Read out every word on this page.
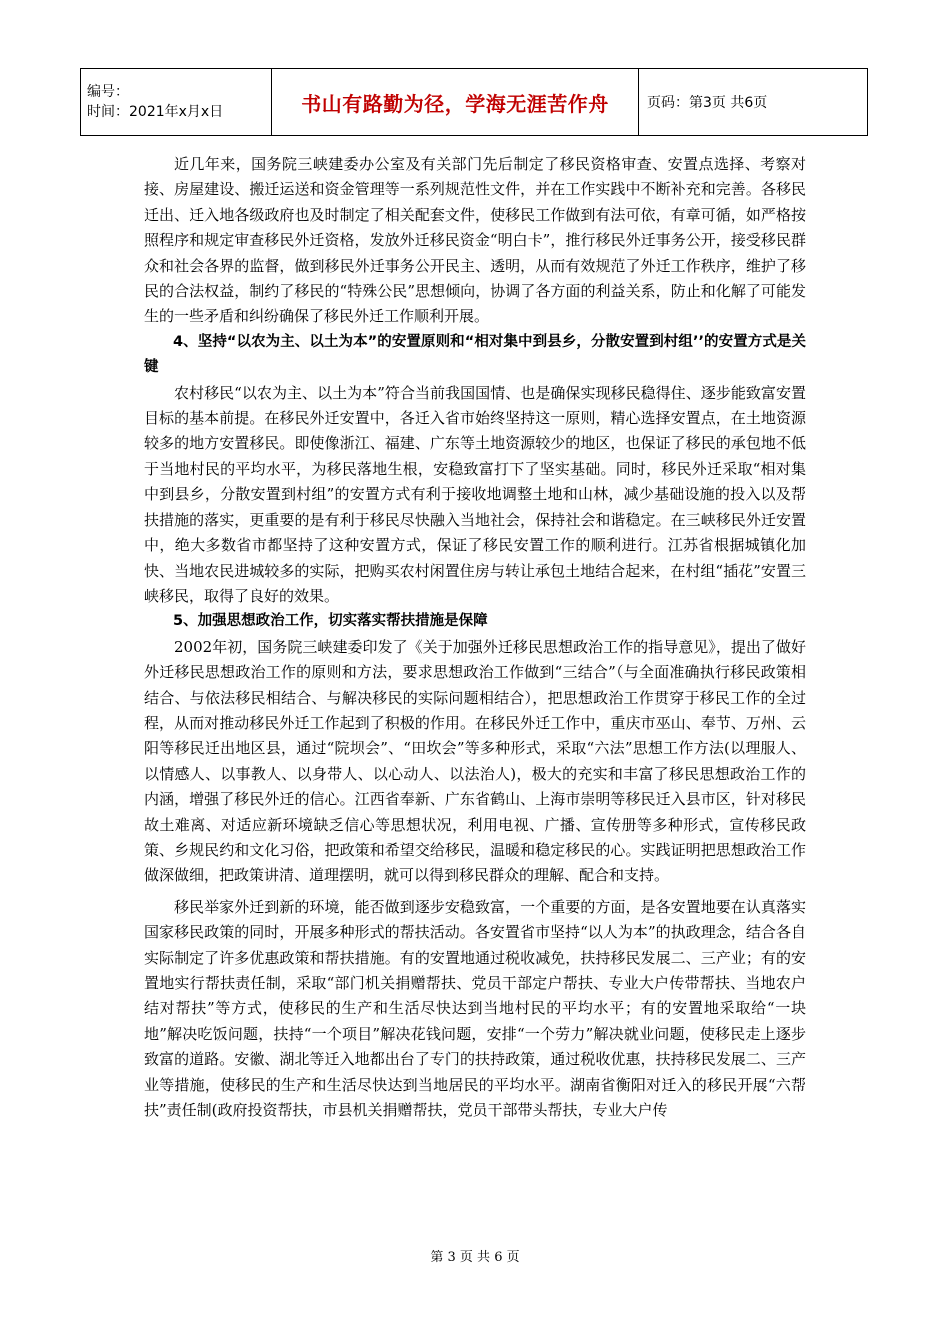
编号：
时间：2021年x月x日	书山有路勤为径，学海无涯苦作舟	页码：第3页 共6页

近几年来，国务院三峡建委办公室及有关部门先后制定了移民资格审查、安置点选择、考察对接、房屋建设、搬迁运送和资金管理等一系列规范性文件，并在工作实践中不断补充和完善。各移民迁出、迁入地各级政府也及时制定了相关配套文件，使移民工作做到有法可依，有章可循，如严格按照程序和规定审查移民外迁资格，发放外迁移民资金“明白卡”，推行移民外迁事务公开，接受移民群众和社会各界的监督，做到移民外迁事务公开民主、透明，从而有效规范了外迁工作秩序，维护了移民的合法权益，制约了移民的“特殊公民”思想倾向，协调了各方面的利益关系，防止和化解了可能发生的一些矛盾和纠纷确保了移民外迁工作顺利开展。

4、坚持“以农为主、以土为本”的安置原则和“相对集中到县乡，分散安置到村组’’的安置方式是关键

农村移民“以农为主、以土为本”符合当前我国国情、也是确保实现移民稳得住、逐步能致富安置目标的基本前提。在移民外迁安置中，各迁入省市始终坚持这一原则，精心选择安置点，在土地资源较多的地方安置移民。即使像浙江、福建、广东等土地资源较少的地区，也保证了移民的承包地不低于当地村民的平均水平，为移民落地生根，安稳致富打下了坚实基础。同时，移民外迁采取“相对集中到县乡，分散安置到村组”的安置方式有利于接收地调整土地和山林，减少基础设施的投入以及帮扶措施的落实，更重要的是有利于移民尽快融入当地社会，保持社会和谐稳定。在三峡移民外迁安置中，绝大多数省市都坚持了这种安置方式，保证了移民安置工作的顺利进行。江苏省根据城镇化加快、当地农民进城较多的实际，把购买农村闲置住房与转让承包土地结合起来，在村组“插花”安置三峡移民，取得了良好的效果。

5、加强思想政治工作，切实落实帮扶措施是保障

2002年初，国务院三峡建委印发了《关于加强外迁移民思想政治工作的指导意见》，提出了做好外迁移民思想政治工作的原则和方法，要求思想政治工作做到“三结合”（与全面准确执行移民政策相结合、与依法移民相结合、与解决移民的实际问题相结合），把思想政治工作贯穿于移民工作的全过程，从而对推动移民外迁工作起到了积极的作用。在移民外迁工作中，重庆市巫山、奉节、万州、云阳等移民迁出地区县，通过“院坝会”、“田坎会”等多种形式，采取“六法”思想工作方法(以理服人、以情感人、以事教人、以身带人、以心动人、以法治人)，极大的充实和丰富了移民思想政治工作的内涵，增强了移民外迁的信心。江西省奉新、广东省鹤山、上海市崇明等移民迁入县市区，针对移民故土难离、对适应新环境缺乏信心等思想状况，利用电视、广播、宣传册等多种形式，宣传移民政策、乡规民约和文化习俗，把政策和希望交给移民，温暖和稳定移民的心。实践证明把思想政治工作做深做细，把政策讲清、道理摆明，就可以得到移民群众的理解、配合和支持。

移民举家外迁到新的环境，能否做到逐步安稳致富，一个重要的方面，是各安置地要在认真落实国家移民政策的同时，开展多种形式的帮扶活动。各安置省市坚持“以人为本”的执政理念，结合各自实际制定了许多优惠政策和帮扶措施。有的安置地通过税收减免，扶持移民发展二、三产业；有的安置地实行帮扶责任制，采取“部门机关捐赠帮扶、党员干部定户帮扶、专业大户传带帮扶、当地农户结对帮扶”等方式，使移民的生产和生活尽快达到当地村民的平均水平；有的安置地采取给“一块地”解决吃饭问题，扶持“一个项目”解决花钱问题，安排“一个劳力”解决就业问题，使移民走上逐步致富的道路。安徽、湖北等迁入地都出台了专门的扶持政策，通过税收优惠，扶持移民发展二、三产业等措施，使移民的生产和生活尽快达到当地居民的平均水平。湖南省衡阳对迁入的移民开展“六帮扶”责任制(政府投资帮扶，市县机关捐赠帮扶，党员干部带头帮扶，专业大户传

第 3 页 共 6 页
